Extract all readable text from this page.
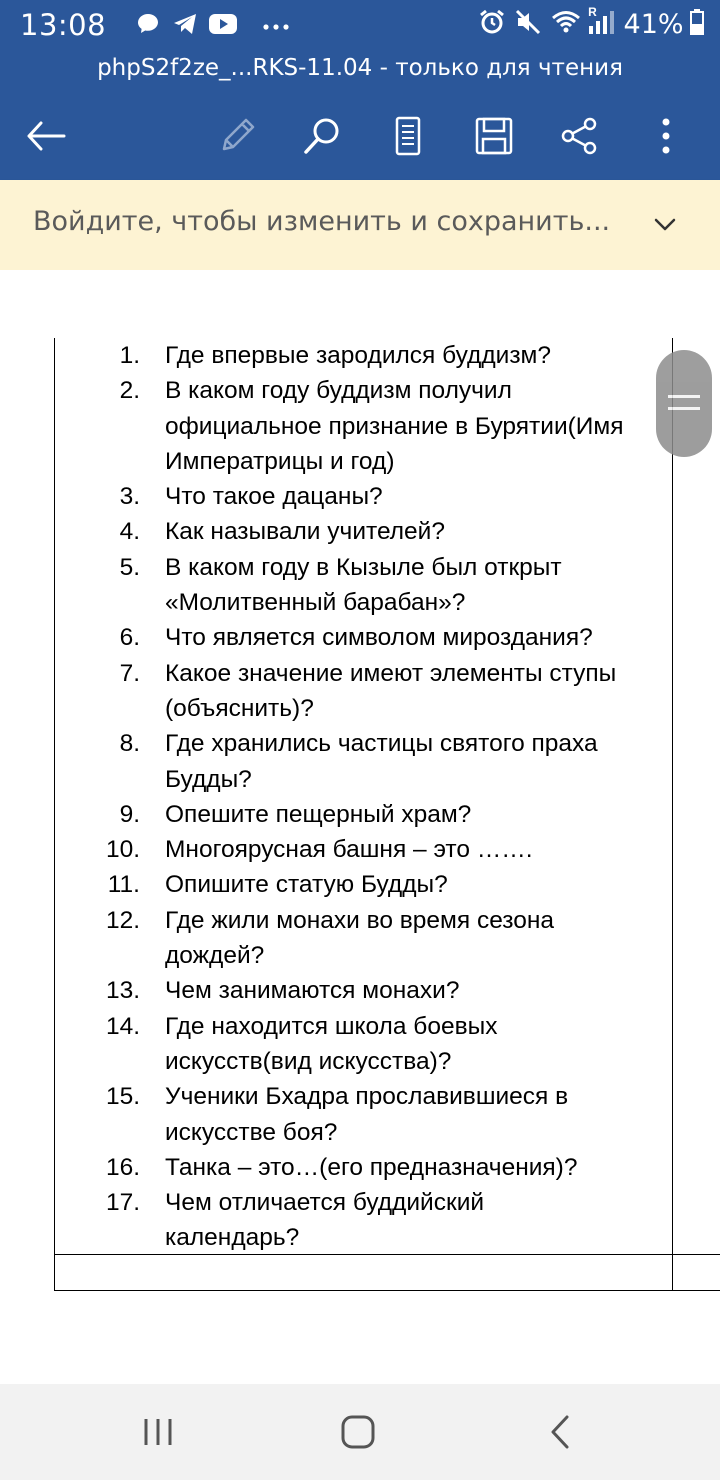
13:08

	R 41%
phpS2f2ze_...RKS-11.04 - только для чтения
Войдите, чтобы изменить и сохранить...
1. Где впервые зародился буддизм?
2. В каком году буддизм получил
официальное признание в Бурятии(Имя
Императрицы и год)
3. Что такое дацаны?
4. Как называли учителей?
5. В каком году в Кызыле был открыт
«Молитвенный барабан»?
6. Что является символом мироздания?
7. Какое значение имеют элементы ступы
(объяснить)?
8. Где хранились частицы святого праха
Будды?
9. Опешите пещерный храм?
10. Многоярусная башня – это …….
11. Опишите статую Будды?
12. Где жили монахи во время сезона
дождей?
13. Чем занимаются монахи?
14. Где находится школа боевых
искусств(вид искусства)?
15. Ученики Бхадра прославившиеся в
искусстве боя?
16. Танка – это…(его предназначения)?
17. Чем отличается буддийский
календарь?
